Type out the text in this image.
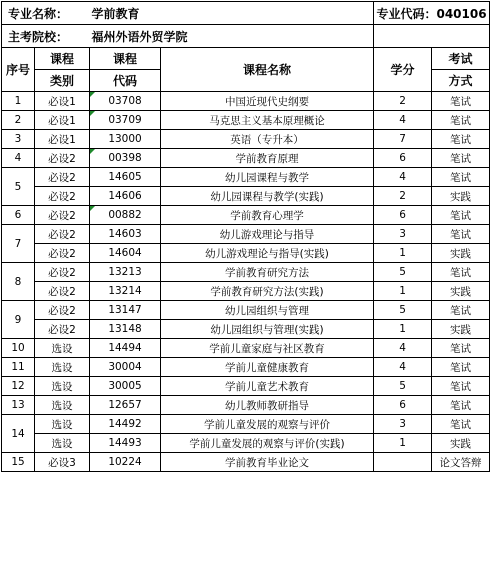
专业名称：		学前教育		专业代码：040106	
主考院校：		福州外语外贸学院			
序号	课程	课程	课程名称	学分	考试
	类别	代码			方式
1	必设1	03708	中国近现代史纲要	2	笔试
2	必设1	03709	马克思主义基本原理概论	4	笔试
3	必设1	13000	英语（专升本）	7	笔试
4	必设2	00398	学前教育原理	6	笔试
5	必设2	14605	幼儿园课程与教学	4	笔试
	必设2	14606	幼儿园课程与教学(实践)	2	实践
6	必设2	00882	学前教育心理学	6	笔试
7	必设2	14603	幼儿游戏理论与指导	3	笔试
	必设2	14604	幼儿游戏理论与指导(实践)	1	实践
8	必设2	13213	学前教育研究方法	5	笔试
	必设2	13214	学前教育研究方法(实践)	1	实践
9	必设2	13147	幼儿园组织与管理	5	笔试
	必设2	13148	幼儿园组织与管理(实践)	1	实践
10	选设	14494	学前儿童家庭与社区教育	4	笔试
11	选设	30004	学前儿童健康教育	4	笔试
12	选设	30005	学前儿童艺术教育	5	笔试
13	选设	12657	幼儿教师教研指导	6	笔试
14	选设	14492	学前儿童发展的观察与评价	3	笔试
	选设	14493	学前儿童发展的观察与评价(实践)	1	实践
15	必设3	10224	学前教育毕业论文		论文答辩
